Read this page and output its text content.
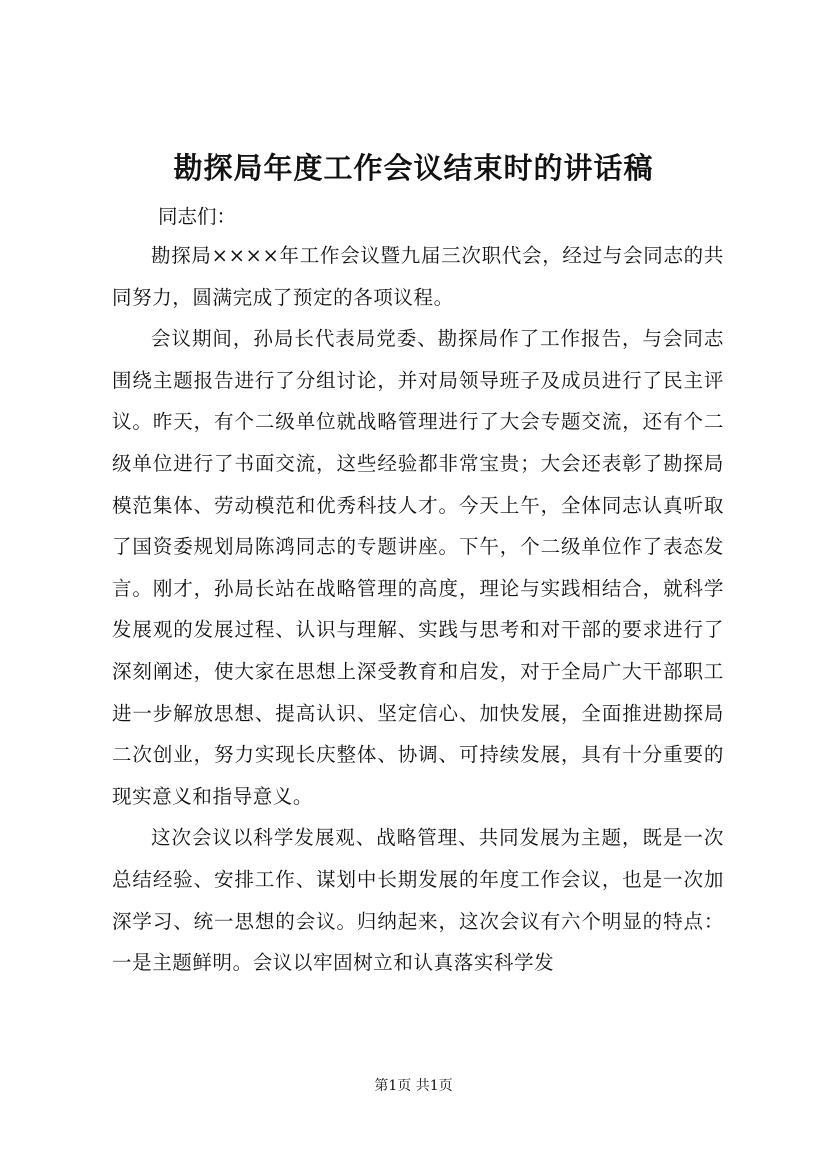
勘探局年度工作会议结束时的讲话稿
同志们：

勘探局××××年工作会议暨九届三次职代会，经过与会同志的共同努力，圆满完成了预定的各项议程。

会议期间，孙局长代表局党委、勘探局作了工作报告，与会同志围绕主题报告进行了分组讨论，并对局领导班子及成员进行了民主评议。昨天，有个二级单位就战略管理进行了大会专题交流，还有个二级单位进行了书面交流，这些经验都非常宝贵；大会还表彰了勘探局模范集体、劳动模范和优秀科技人才。今天上午，全体同志认真听取了国资委规划局陈鸿同志的专题讲座。下午，个二级单位作了表态发言。刚才，孙局长站在战略管理的高度，理论与实践相结合，就科学发展观的发展过程、认识与理解、实践与思考和对干部的要求进行了深刻阐述，使大家在思想上深受教育和启发，对于全局广大干部职工进一步解放思想、提高认识、坚定信心、加快发展，全面推进勘探局二次创业，努力实现长庆整体、协调、可持续发展，具有十分重要的现实意义和指导意义。

这次会议以科学发展观、战略管理、共同发展为主题，既是一次总结经验、安排工作、谋划中长期发展的年度工作会议，也是一次加深学习、统一思想的会议。归纳起来，这次会议有六个明显的特点：一是主题鲜明。会议以牢固树立和认真落实科学发

第1页 共1页
